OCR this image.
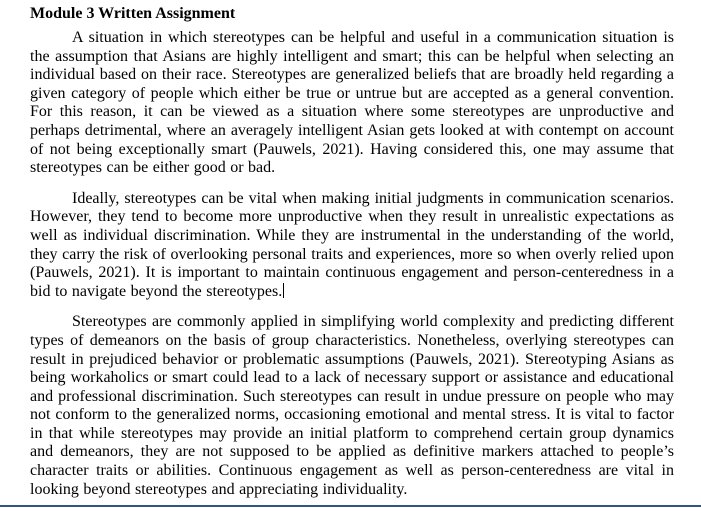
Module 3 Written Assignment

A situation in which stereotypes can be helpful and useful in a communication situation is the assumption that Asians are highly intelligent and smart; this can be helpful when selecting an individual based on their race. Stereotypes are generalized beliefs that are broadly held regarding a given category of people which either be true or untrue but are accepted as a general convention. For this reason, it can be viewed as a situation where some stereotypes are unproductive and perhaps detrimental, where an averagely intelligent Asian gets looked at with contempt on account of not being exceptionally smart (Pauwels, 2021). Having considered this, one may assume that stereotypes can be either good or bad.

Ideally, stereotypes can be vital when making initial judgments in communication scenarios. However, they tend to become more unproductive when they result in unrealistic expectations as well as individual discrimination. While they are instrumental in the understanding of the world, they carry the risk of overlooking personal traits and experiences, more so when overly relied upon (Pauwels, 2021). It is important to maintain continuous engagement and person-centeredness in a bid to navigate beyond the stereotypes.

Stereotypes are commonly applied in simplifying world complexity and predicting different types of demeanors on the basis of group characteristics. Nonetheless, overlying stereotypes can result in prejudiced behavior or problematic assumptions (Pauwels, 2021). Stereotyping Asians as being workaholics or smart could lead to a lack of necessary support or assistance and educational and professional discrimination. Such stereotypes can result in undue pressure on people who may not conform to the generalized norms, occasioning emotional and mental stress. It is vital to factor in that while stereotypes may provide an initial platform to comprehend certain group dynamics and demeanors, they are not supposed to be applied as definitive markers attached to people’s character traits or abilities. Continuous engagement as well as person-centeredness are vital in looking beyond stereotypes and appreciating individuality.
